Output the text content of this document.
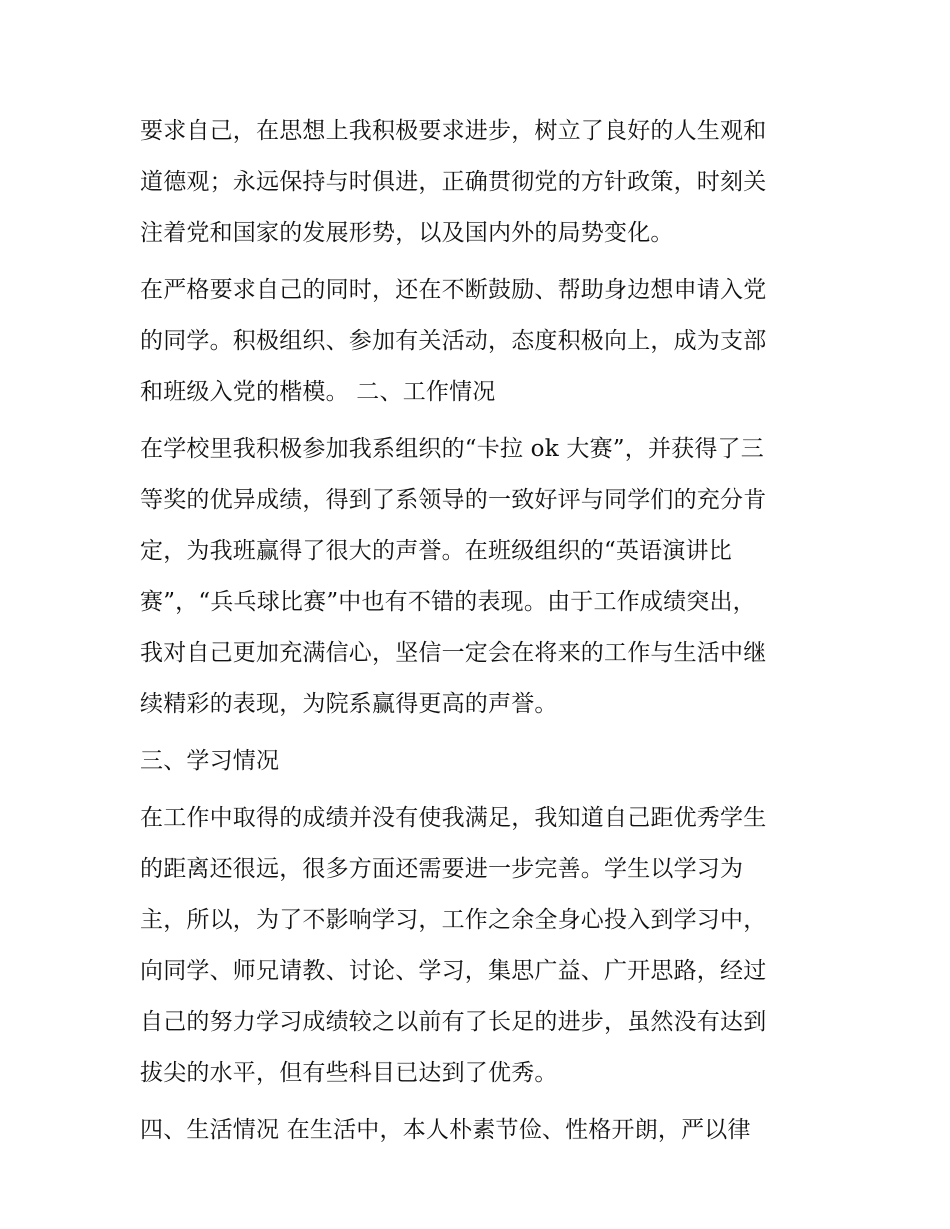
要求自己，在思想上我积极要求进步，树立了良好的人生观和
道德观；永远保持与时俱进，正确贯彻党的方针政策，时刻关
注着党和国家的发展形势，以及国内外的局势变化。
在严格要求自己的同时，还在不断鼓励、帮助身边想申请入党
的同学。积极组织、参加有关活动，态度积极向上，成为支部
和班级入党的楷模。 二、工作情况
在学校里我积极参加我系组织的“卡拉 ok 大赛”，并获得了三
等奖的优异成绩，得到了系领导的一致好评与同学们的充分肯
定，为我班赢得了很大的声誉。在班级组织的“英语演讲比
赛”，“兵乓球比赛”中也有不错的表现。由于工作成绩突出，
我对自己更加充满信心，坚信一定会在将来的工作与生活中继
续精彩的表现，为院系赢得更高的声誉。
三、学习情况
在工作中取得的成绩并没有使我满足，我知道自己距优秀学生
的距离还很远，很多方面还需要进一步完善。学生以学习为
主，所以，为了不影响学习，工作之余全身心投入到学习中，
向同学、师兄请教、讨论、学习，集思广益、广开思路，经过
自己的努力学习成绩较之以前有了长足的进步，虽然没有达到
拔尖的水平，但有些科目已达到了优秀。
四、生活情况 在生活中，本人朴素节俭、性格开朗，严以律
